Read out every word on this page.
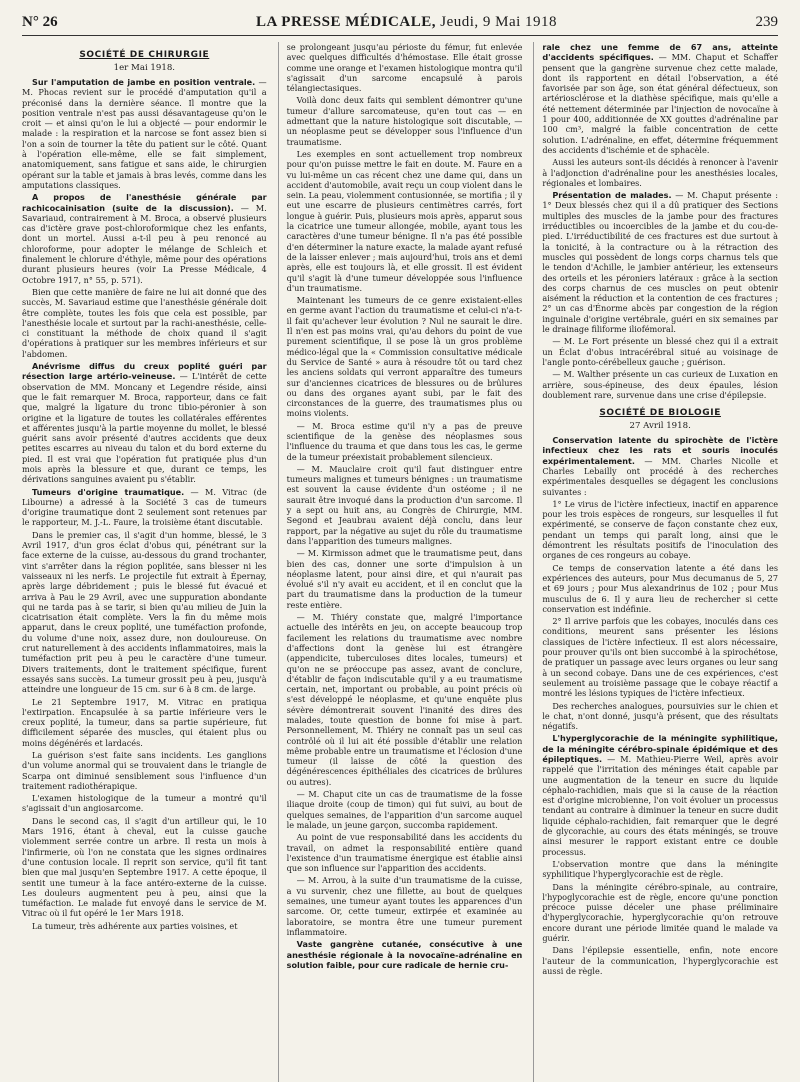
N° 26	LA PRESSE MÉDICALE, Jeudi, 9 Mai 1918	239
SOCIÉTÉ DE CHIRURGIE
1er Mai 1918.

Sur l'amputation de jambe en position ventrale. — M. Phocas revient sur le procédé d'amputation qu'il a préconisé dans la dernière séance. Il montre que la position ventrale n'est pas aussi désavantageuse qu'on le croit — et ainsi qu'on le lui a objecté — pour endormir le malade : la respiration et la narcose se font assez bien si l'on a soin de tourner la tête du patient sur le côté. Quant à l'opération elle-même, elle se fait simplement, anatomiquement, sans fatigue et sans aide, le chirurgien opérant sur la table et jamais à bras levés, comme dans les amputations classiques.

A propos de l'anesthésie générale par rachicocainisation (suite de la discussion). — M. Savariaud, contrairement à M. Broca, a observé plusieurs cas d'ictère grave post-chloroformique chez les enfants, dont un mortel. Aussi a-t-il peu à peu renoncé au chloroforme, pour adopter le mélange de Schleich et finalement le chlorure d'éthyle, même pour des opérations durant plusieurs heures (voir La Presse Médicale, 4 Octobre 1917, n° 55, p. 571).

Bien que cette manière de faire ne lui ait donné que des succès, M. Savariaud estime que l'anesthésie générale doit être complète, toutes les fois que cela est possible, par l'anesthésie locale et surtout par la rachi-anesthésie, celle-ci constituant la méthode de choix quand il s'agit d'opérations à pratiquer sur les membres inférieurs et sur l'abdomen.

Anévrisme diffus du creux poplité guéri par résection large artério-veineuse. — L'intérêt de cette observation de MM. Moncany et Legendre réside, ainsi que le fait remarquer M. Broca, rapporteur, dans ce fait que, malgré la ligature du tronc tibio-péronier à son origine et la ligature de toutes les collatérales efférentes et afférentes jusqu'à la partie moyenne du mollet, le blessé guérit sans avoir présenté d'autres accidents que deux petites escarres au niveau du talon et du bord externe du pied. Il est vrai que l'opération fut pratiquée plus d'un mois après la blessure et que, durant ce temps, les dérivations sanguines avaient pu s'établir.

Tumeurs d'origine traumatique. — M. Vitrac (de Libourne) a adressé à la Société 3 cas de tumeurs d'origine traumatique dont 2 seulement sont retenues par le rapporteur, M. J.-L. Faure, la troisième étant discutable.

Dans le premier cas, il s'agit d'un homme, blessé, le 3 Avril 1917, d'un gros éclat d'obus qui, pénétrant sur la face externe de la cuisse, au-dessous du grand trochanter, vint s'arrêter dans la région poplitée, sans blesser ni les vaisseaux ni les nerfs. Le projectile fut extrait à Épernay, après large débridement ; puis le blessé fut évacué et arriva à Pau le 29 Avril, avec une suppuration abondante qui ne tarda pas à se tarir, si bien qu'au milieu de Juin la cicatrisation était complète. Vers la fin du même mois apparut, dans le creux poplité, une tuméfaction profonde, du volume d'une noix, assez dure, non douloureuse. On crut naturellement à des accidents inflammatoires, mais la tuméfaction prit peu à peu le caractère d'une tumeur. Divers traitements, dont le traitement spécifique, furent essayés sans succès. La tumeur grossit peu à peu, jusqu'à atteindre une longueur de 15 cm. sur 6 à 8 cm. de large.

Le 21 Septembre 1917, M. Vitrac en pratiqua l'extirpation. Encapsulée à sa partie inférieure vers le creux poplité, la tumeur, dans sa partie supérieure, fut difficilement séparée des muscles, qui étaient plus ou moins dégénérés et lardacés.

La guérison s'est faite sans incidents. Les ganglions d'un volume anormal qui se trouvaient dans le triangle de Scarpa ont diminué sensiblement sous l'influence d'un traitement radiothérapique.

L'examen histologique de la tumeur a montré qu'il s'agissait d'un angiosarcome.

Dans le second cas, il s'agit d'un artilleur qui, le 10 Mars 1916, étant à cheval, eut la cuisse gauche violemment serrée contre un arbre. Il resta un mois à l'infirmerie, où l'on ne constata que les signes ordinaires d'une contusion locale. Il reprit son service, qu'il fit tant bien que mal jusqu'en Septembre 1917. A cette époque, il sentit une tumeur à la face antéro-externe de la cuisse. Les douleurs augmentent peu à peu, ainsi que la tuméfaction. Le malade fut envoyé dans le service de M. Vitrac où il fut opéré le 1er Mars 1918.

La tumeur, très adhérente aux parties voisines, et

se prolongeant jusqu'au périoste du fémur, fut enlevée avec quelques difficultés d'hémostase. Elle était grosse comme une orange et l'examen histologique montra qu'il s'agissait d'un sarcome encapsulé à parois télangiectasiques.

Voilà donc deux faits qui semblent démontrer qu'une tumeur d'allure sarcomateuse, qu'en tout cas — en admettant que la nature histologique soit discutable, — un néoplasme peut se développer sous l'influence d'un traumatisme.

Les exemples en sont actuellement trop nombreux pour qu'on puisse mettre le fait en doute. M. Faure en a vu lui-même un cas récent chez une dame qui, dans un accident d'automobile, avait reçu un coup violent dans le sein. La peau, violemment contusionnée, se mortifia ; il y eut une escarre de plusieurs centimètres carrés, fort longue à guérir. Puis, plusieurs mois après, apparut sous la cicatrice une tumeur allongée, mobile, ayant tous les caractères d'une tumeur bénigne. Il n'a pas été possible d'en déterminer la nature exacte, la malade ayant refusé de la laisser enlever ; mais aujourd'hui, trois ans et demi après, elle est toujours là, et elle grossit. Il est évident qu'il s'agit là d'une tumeur développée sous l'influence d'un traumatisme.

Maintenant les tumeurs de ce genre existaient-elles en germe avant l'action du traumatisme et celui-ci n'a-t-il fait qu'achever leur évolution ? Nul ne saurait le dire. Il n'en est pas moins vrai, qu'au dehors du point de vue purement scientifique, il se pose là un gros problème médico-légal que la « Commission consultative médicale du Service de Santé » aura à résoudre tôt ou tard chez les anciens soldats qui verront apparaître des tumeurs sur d'anciennes cicatrices de blessures ou de brûlures ou dans des organes ayant subi, par le fait des circonstances de la guerre, des traumatismes plus ou moins violents.

— M. Broca estime qu'il n'y a pas de preuve scientifique de la genèse des néoplasmes sous l'influence du trauma et que dans tous les cas, le germe de la tumeur préexistait probablement silencieux.

— M. Mauclaire croit qu'il faut distinguer entre tumeurs malignes et tumeurs bénignes : un traumatisme est souvent la cause évidente d'un ostéome ; il ne saurait être invoqué dans la production d'un sarcome. Il y a sept ou huit ans, au Congrès de Chirurgie, MM. Segond et Jeaubrau avaient déjà conclu, dans leur rapport, par la négative au sujet du rôle du traumatisme dans l'apparition des tumeurs malignes.

— M. Kirmisson admet que le traumatisme peut, dans bien des cas, donner une sorte d'impulsion à un néoplasme latent, pour ainsi dire, et qui n'aurait pas évolué s'il n'y avait eu accident, et il en conclut que la part du traumatisme dans la production de la tumeur reste entière.

— M. Thiéry constate que, malgré l'importance actuelle des intérêts en jeu, on accepte beaucoup trop facilement les relations du traumatisme avec nombre d'affections dont la genèse lui est étrangère (appendicite, tuberculoses dites locales, tumeurs) et qu'on ne se préoccupe pas assez, avant de conclure, d'établir de façon indiscutable qu'il y a eu traumatisme certain, net, important ou probable, au point précis où s'est développé le néoplasme, et qu'une enquête plus sévère démontrerait souvent l'inanité des dires des malades, toute question de bonne foi mise à part. Personnellement, M. Thiéry ne connaît pas un seul cas contrôlé où il lui ait été possible d'établir une relation même probable entre un traumatisme et l'éclosion d'une tumeur (il laisse de côté la question des dégénérescences épithéliales des cicatrices de brûlures ou autres).

— M. Chaput cite un cas de traumatisme de la fosse iliaque droite (coup de timon) qui fut suivi, au bout de quelques semaines, de l'apparition d'un sarcome auquel le malade, un jeune garçon, succomba rapidement.

Au point de vue responsabilité dans les accidents du travail, on admet la responsabilité entière quand l'existence d'un traumatisme énergique est établie ainsi que son influence sur l'apparition des accidents.

— M. Arrou, à la suite d'un traumatisme de la cuisse, a vu survenir, chez une fillette, au bout de quelques semaines, une tumeur ayant toutes les apparences d'un sarcome. Or, cette tumeur, extirpée et examinée au laboratoire, se montra être une tumeur purement inflammatoire.

Vaste gangrène cutanée, consécutive à une anesthésie régionale à la novocaïne-adrénaline en solution faible, pour cure radicale de hernie cru-

rale chez une femme de 67 ans, atteinte d'accidents spécifiques. — MM. Chaput et Schaffer pensent que la gangrène survenue chez cette malade, dont ils rapportent en détail l'observation, a été favorisée par son âge, son état général défectueux, son artériosclérose et la diathèse spécifique, mais qu'elle a été nettement déterminée par l'injection de novocaïne à 1 pour 400, additionnée de XX gouttes d'adrénaline par 100 cm³, malgré la faible concentration de cette solution. L'adrénaline, en effet, détermine fréquemment des accidents d'ischémie et de sphacèle.

Aussi les auteurs sont-ils décidés à renoncer à l'avenir à l'adjonction d'adrénaline pour les anesthésies locales, régionales et lombaires.

Présentation de malades. — M. Chaput présente : 1° Deux blessés chez qui il a dû pratiquer des Sections multiples des muscles de la jambe pour des fractures irréductibles ou incoercibles de la jambe et du cou-de-pied. L'irréductibilité de ces fractures est due surtout à la tonicité, à la contracture ou à la rétraction des muscles qui possèdent de longs corps charnus tels que le tendon d'Achille, le jambier antérieur, les extenseurs des orteils et les péroniers latéraux : grâce à la section des corps charnus de ces muscles on peut obtenir aisément la réduction et la contention de ces fractures ; 2° un cas d'Énorme abcès par congestion de la région inguinale d'origine vertébrale, guéri en six semaines par le drainage filiforme iliofémoral.

— M. Le Fort présente un blessé chez qui il a extrait un Éclat d'obus intracérébral situé au voisinage de l'angle ponto-cérébelleux gauche ; guérison.

— M. Walther présente un cas curieux de Luxation en arrière, sous-épineuse, des deux épaules, lésion doublement rare, survenue dans une crise d'épilepsie.

SOCIÉTÉ DE BIOLOGIE
27 Avril 1918.

Conservation latente du spirochète de l'ictère infectieux chez les rats et souris inoculés expérimentalement. — MM. Charles Nicolle et Charles Lebailly ont procédé à des recherches expérimentales desquelles se dégagent les conclusions suivantes :

1° Le virus de l'ictère infectieux, inactif en apparence pour les trois espèces de rongeurs, sur lesquelles il fut expérimenté, se conserve de façon constante chez eux, pendant un temps qui paraît long, ainsi que le démontrent les résultats positifs de l'inoculation des organes de ces rongeurs au cobaye.

Ce temps de conservation latente a été dans les expériences des auteurs, pour Mus decumanus de 5, 27 et 69 jours ; pour Mus alexandrinus de 102 ; pour Mus musculus de 6. Il y aura lieu de rechercher si cette conservation est indéfinie.

2° Il arrive parfois que les cobayes, inoculés dans ces conditions, meurent sans présenter les lésions classiques de l'ictère infectieux. Il est alors nécessaire, pour prouver qu'ils ont bien succombé à la spirochétose, de pratiquer un passage avec leurs organes ou leur sang à un second cobaye. Dans une de ces expériences, c'est seulement au troisième passage que le cobaye réactif a montré les lésions typiques de l'ictère infectieux.

Des recherches analogues, poursuivies sur le chien et le chat, n'ont donné, jusqu'à présent, que des résultats négatifs.

L'hyperglycorachie de la méningite syphilitique, de la méningite cérébro-spinale épidémique et des épileptiques. — M. Mathieu-Pierre Weil, après avoir rappelé que l'irritation des méninges était capable par une augmentation de la teneur en sucre du liquide céphalo-rachidien, mais que si la cause de la réaction est d'origine microbienne, l'on voit évoluer un processus tendant au contraire à diminuer la teneur en sucre dudit liquide céphalo-rachidien, fait remarquer que le degré de glycorachie, au cours des états méningés, se trouve ainsi mesurer le rapport existant entre ce double processus.

L'observation montre que dans la méningite syphilitique l'hyperglycorachie est de règle.

Dans la méningite cérébro-spinale, au contraire, l'hypoglycorachie est de règle, encore qu'une ponction précoce puisse déceler une phase préliminaire d'hyperglycorachie, hyperglycorachie qu'on retrouve encore durant une période limitée quand le malade va guérir.

Dans l'épilepsie essentielle, enfin, note encore l'auteur de la communication, l'hyperglycorachie est aussi de règle.
